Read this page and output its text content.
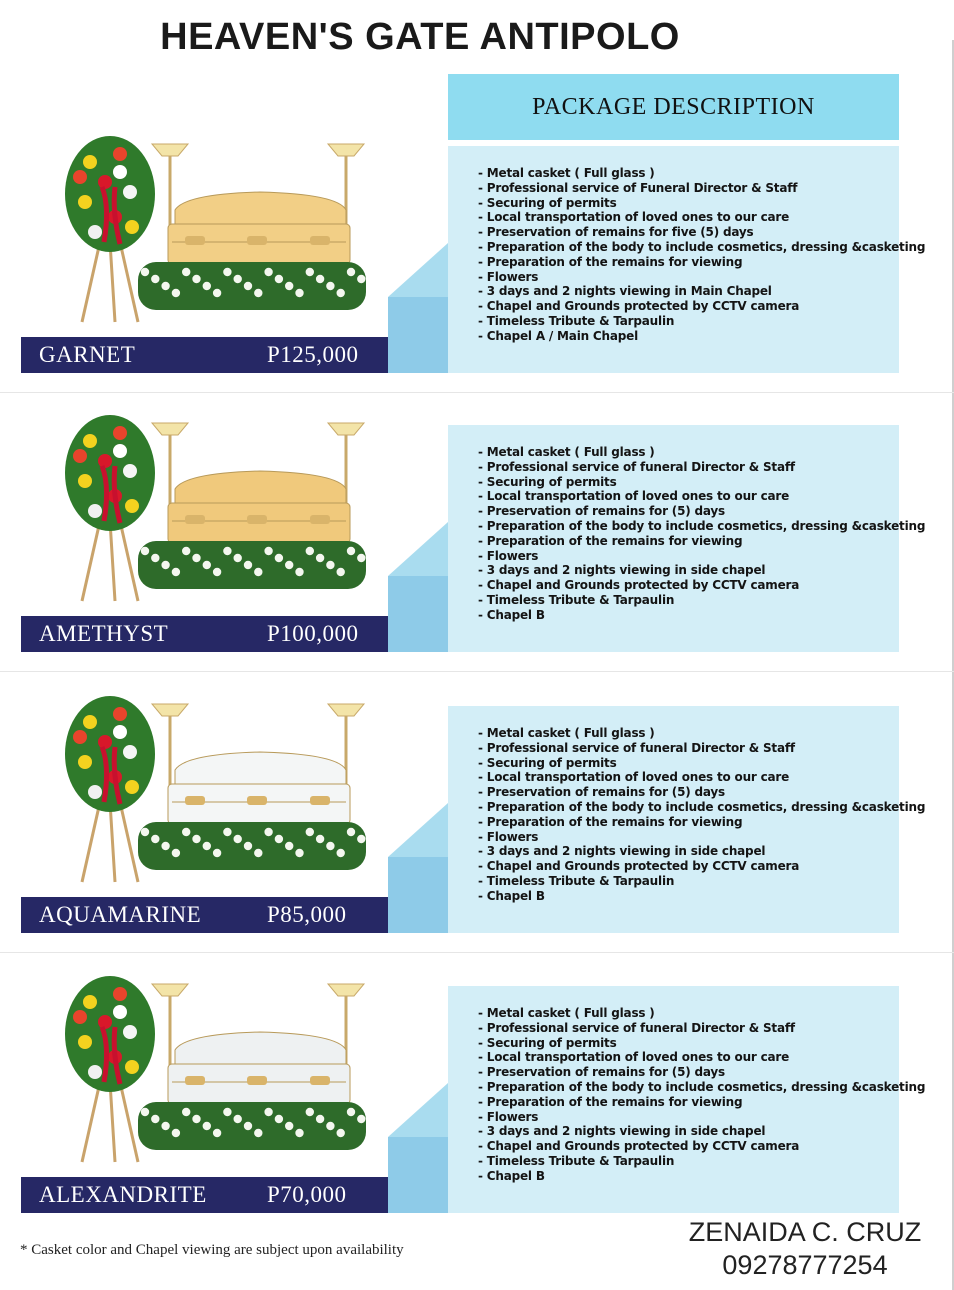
HEAVEN'S GATE ANTIPOLO
PACKAGE DESCRIPTION
- Metal casket ( Full glass )
- Professional service of Funeral Director & Staff
- Securing of permits
- Local transportation of loved ones to our care
- Preservation of remains for five (5) days
- Preparation of the body to include cosmetics, dressing &casketing
- Preparation of the remains for viewing
- Flowers
- 3 days and 2 nights viewing in Main Chapel
- Chapel and Grounds protected by CCTV camera
- Timeless Tribute & Tarpaulin
- Chapel A / Main Chapel
GARNET	P125,000
- Metal casket ( Full glass )
- Professional service of funeral Director & Staff
- Securing of permits
- Local transportation of loved ones to our care
- Preservation of remains for (5) days
- Preparation of the body to include cosmetics, dressing &casketing
- Preparation of the remains for viewing
- Flowers
- 3 days and 2 nights viewing in side chapel
- Chapel and Grounds protected by CCTV camera
- Timeless Tribute & Tarpaulin
- Chapel B
AMETHYST	P100,000
- Metal casket ( Full glass )
- Professional service of funeral Director & Staff
- Securing of permits
- Local transportation of loved ones to our care
- Preservation of remains for (5) days
- Preparation of the body to include cosmetics, dressing &casketing
- Preparation of the remains for viewing
- Flowers
- 3 days and 2 nights viewing in side chapel
- Chapel and Grounds protected by CCTV camera
- Timeless Tribute & Tarpaulin
- Chapel B
AQUAMARINE	P85,000
- Metal casket ( Full glass )
- Professional service of funeral Director & Staff
- Securing of permits
- Local transportation of loved ones to our care
- Preservation of remains for (5) days
- Preparation of the body to include cosmetics, dressing &casketing
- Preparation of the remains for viewing
- Flowers
- 3 days and 2 nights viewing in side chapel
- Chapel and Grounds protected by CCTV camera
- Timeless Tribute & Tarpaulin
- Chapel B
ALEXANDRITE	P70,000
* Casket color and Chapel viewing are subject upon availability
ZENAIDA C. CRUZ
09278777254
